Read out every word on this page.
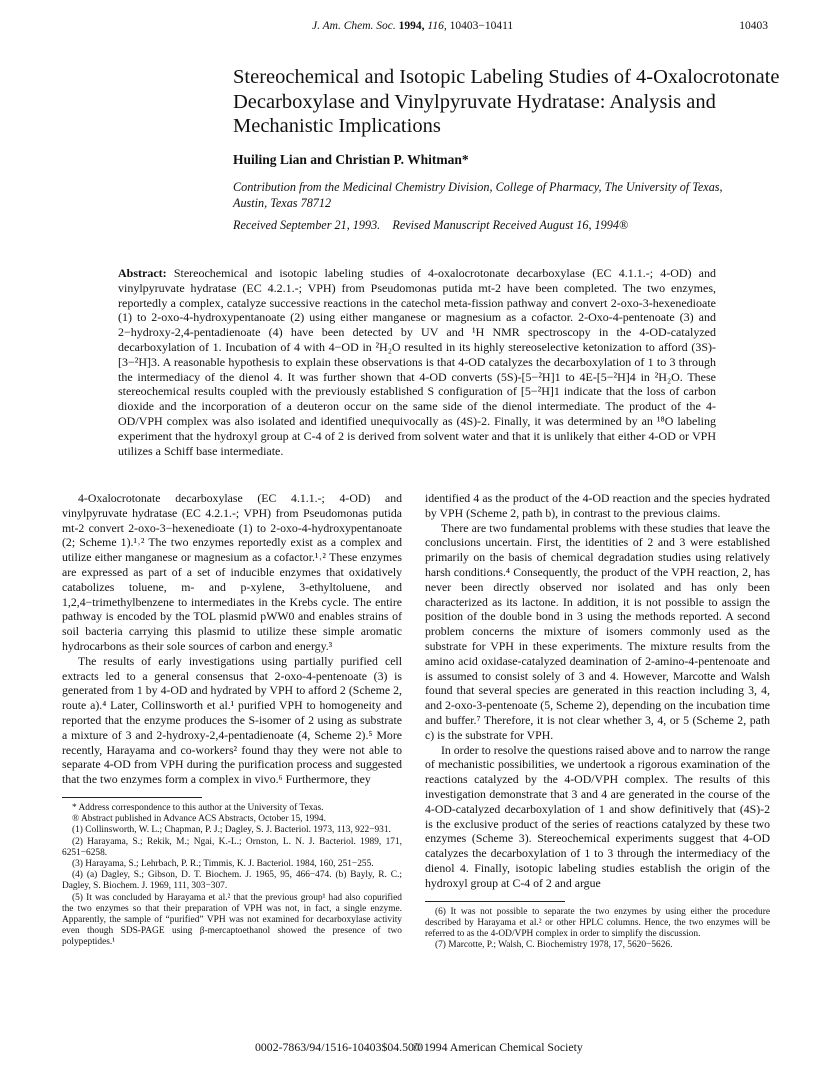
J. Am. Chem. Soc. 1994, 116, 10403−10411	10403
Stereochemical and Isotopic Labeling Studies of 4-Oxalocrotonate Decarboxylase and Vinylpyruvate Hydratase: Analysis and Mechanistic Implications
Huiling Lian and Christian P. Whitman*
Contribution from the Medicinal Chemistry Division, College of Pharmacy, The University of Texas, Austin, Texas 78712
Received September 21, 1993. Revised Manuscript Received August 16, 1994®
Abstract: Stereochemical and isotopic labeling studies of 4-oxalocrotonate decarboxylase (EC 4.1.1.-; 4-OD) and vinylpyruvate hydratase (EC 4.2.1.-; VPH) from Pseudomonas putida mt-2 have been completed. The two enzymes, reportedly a complex, catalyze successive reactions in the catechol meta-fission pathway and convert 2-oxo-3-hexenedioate (1) to 2-oxo-4-hydroxypentanoate (2) using either manganese or magnesium as a cofactor. 2-Oxo-4-pentenoate (3) and 2−hydroxy-2,4-pentadienoate (4) have been detected by UV and ¹H NMR spectroscopy in the 4-OD-catalyzed decarboxylation of 1. Incubation of 4 with 4−OD in ²H₂O resulted in its highly stereoselective ketonization to afford (3S)-[3−²H]3. A reasonable hypothesis to explain these observations is that 4-OD catalyzes the decarboxylation of 1 to 3 through the intermediacy of the dienol 4. It was further shown that 4-OD converts (5S)-[5−²H]1 to 4E-[5−²H]4 in ²H₂O. These stereochemical results coupled with the previously established S configuration of [5−²H]1 indicate that the loss of carbon dioxide and the incorporation of a deuteron occur on the same side of the dienol intermediate. The product of the 4-OD/VPH complex was also isolated and identified unequivocally as (4S)-2. Finally, it was determined by an ¹⁸O labeling experiment that the hydroxyl group at C-4 of 2 is derived from solvent water and that it is unlikely that either 4-OD or VPH utilizes a Schiff base intermediate.

4-Oxalocrotonate decarboxylase (EC 4.1.1.-; 4-OD) and vinylpyruvate hydratase (EC 4.2.1.-; VPH) from Pseudomonas putida mt-2 convert 2-oxo-3−hexenedioate (1) to 2-oxo-4-hydroxypentanoate (2; Scheme 1).¹˒² The two enzymes reportedly exist as a complex and utilize either manganese or magnesium as a cofactor.¹˒² These enzymes are expressed as part of a set of inducible enzymes that oxidatively catabolizes toluene, m- and p-xylene, 3-ethyltoluene, and 1,2,4−trimethylbenzene to intermediates in the Krebs cycle. The entire pathway is encoded by the TOL plasmid pWW0 and enables strains of soil bacteria carrying this plasmid to utilize these simple aromatic hydrocarbons as their sole sources of carbon and energy.³

The results of early investigations using partially purified cell extracts led to a general consensus that 2-oxo-4-pentenoate (3) is generated from 1 by 4-OD and hydrated by VPH to afford 2 (Scheme 2, route a).⁴ Later, Collinsworth et al.¹ purified VPH to homogeneity and reported that the enzyme produces the S-isomer of 2 using as substrate a mixture of 3 and 2-hydroxy-2,4-pentadienoate (4, Scheme 2).⁵ More recently, Harayama and co-workers² found thay they were not able to separate 4-OD from VPH during the purification process and suggested that the two enzymes form a complex in vivo.⁶ Furthermore, they

* Address correspondence to this author at the University of Texas.
® Abstract published in Advance ACS Abstracts, October 15, 1994.
(1) Collinsworth, W. L.; Chapman, P. J.; Dagley, S. J. Bacteriol. 1973, 113, 922−931.
(2) Harayama, S.; Rekik, M.; Ngai, K.-L.; Ornston, L. N. J. Bacteriol. 1989, 171, 6251−6258.
(3) Harayama, S.; Lehrbach, P. R.; Timmis, K. J. Bacteriol. 1984, 160, 251−255.
(4) (a) Dagley, S.; Gibson, D. T. Biochem. J. 1965, 95, 466−474. (b) Bayly, R. C.; Dagley, S. Biochem. J. 1969, 111, 303−307.
(5) It was concluded by Harayama et al.² that the previous group¹ had also copurified the two enzymes so that their preparation of VPH was not, in fact, a single enzyme. Apparently, the sample of “purified” VPH was not examined for decarboxylase activity even though SDS-PAGE using β-mercaptoethanol showed the presence of two polypeptides.¹

identified 4 as the product of the 4-OD reaction and the species hydrated by VPH (Scheme 2, path b), in contrast to the previous claims.

There are two fundamental problems with these studies that leave the conclusions uncertain. First, the identities of 2 and 3 were established primarily on the basis of chemical degradation studies using relatively harsh conditions.⁴ Consequently, the product of the VPH reaction, 2, has never been directly observed nor isolated and has only been characterized as its lactone. In addition, it is not possible to assign the position of the double bond in 3 using the methods reported. A second problem concerns the mixture of isomers commonly used as the substrate for VPH in these experiments. The mixture results from the amino acid oxidase-catalyzed deamination of 2-amino-4-pentenoate and is assumed to consist solely of 3 and 4. However, Marcotte and Walsh found that several species are generated in this reaction including 3, 4, and 2-oxo-3-pentenoate (5, Scheme 2), depending on the incubation time and buffer.⁷ Therefore, it is not clear whether 3, 4, or 5 (Scheme 2, path c) is the substrate for VPH.

In order to resolve the questions raised above and to narrow the range of mechanistic possibilities, we undertook a rigorous examination of the reactions catalyzed by the 4-OD/VPH complex. The results of this investigation demonstrate that 3 and 4 are generated in the course of the 4-OD-catalyzed decarboxylation of 1 and show definitively that (4S)-2 is the exclusive product of the series of reactions catalyzed by these two enzymes (Scheme 3). Stereochemical experiments suggest that 4-OD catalyzes the decarboxylation of 1 to 3 through the intermediacy of the dienol 4. Finally, isotopic labeling studies establish the origin of the hydroxyl group at C-4 of 2 and argue

(6) It was not possible to separate the two enzymes by using either the procedure described by Harayama et al.² or other HPLC columns. Hence, the two enzymes will be referred to as the 4-OD/VPH complex in order to simplify the discussion.
(7) Marcotte, P.; Walsh, C. Biochemistry 1978, 17, 5620−5626.
0002-7863/94/1516-10403$04.50/0
© 1994 American Chemical Society
